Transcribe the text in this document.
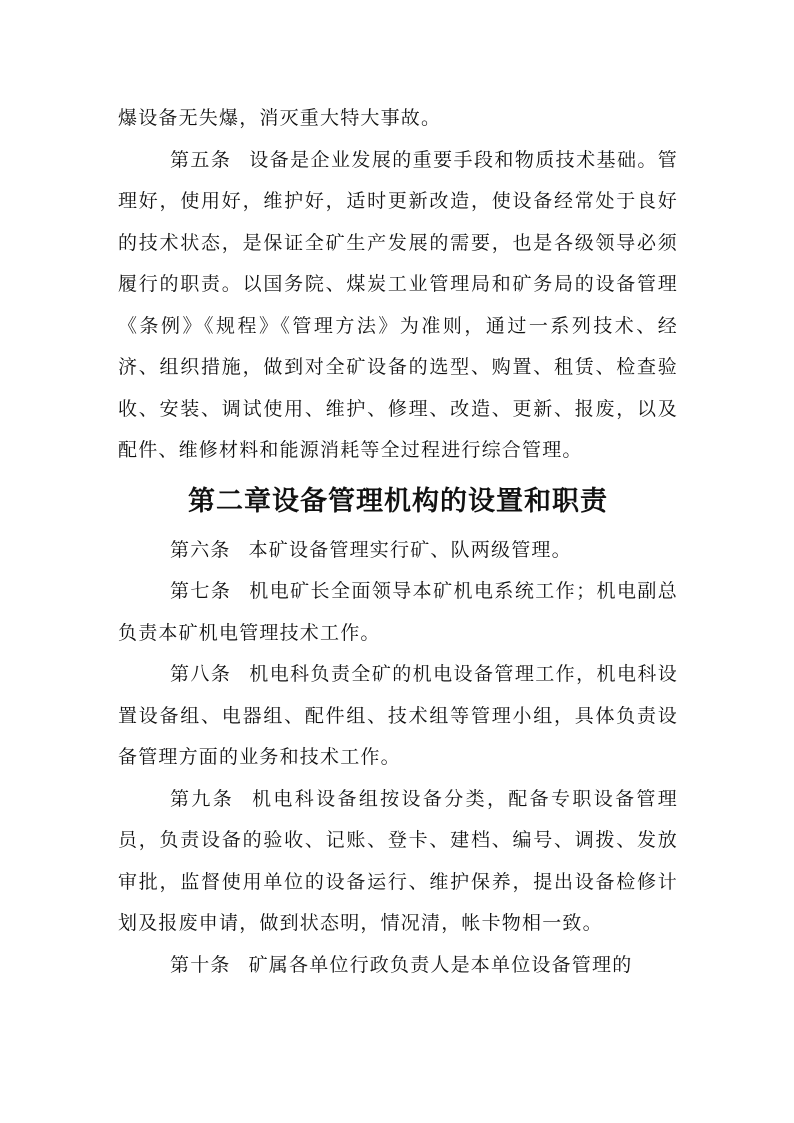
爆设备无失爆，消灭重大特大事故。

第五条 设备是企业发展的重要手段和物质技术基础。管理好，使用好，维护好，适时更新改造，使设备经常处于良好的技术状态，是保证全矿生产发展的需要，也是各级领导必须履行的职责。以国务院、煤炭工业管理局和矿务局的设备管理《条例》《规程》《管理方法》为准则，通过一系列技术、经济、组织措施，做到对全矿设备的选型、购置、租赁、检查验收、安装、调试使用、维护、修理、改造、更新、报废，以及配件、维修材料和能源消耗等全过程进行综合管理。

第二章设备管理机构的设置和职责

第六条 本矿设备管理实行矿、队两级管理。

第七条 机电矿长全面领导本矿机电系统工作；机电副总负责本矿机电管理技术工作。

第八条 机电科负责全矿的机电设备管理工作，机电科设置设备组、电器组、配件组、技术组等管理小组，具体负责设备管理方面的业务和技术工作。

第九条 机电科设备组按设备分类，配备专职设备管理员，负责设备的验收、记账、登卡、建档、编号、调拨、发放审批，监督使用单位的设备运行、维护保养，提出设备检修计划及报废申请，做到状态明，情况清，帐卡物相一致。

第十条 矿属各单位行政负责人是本单位设备管理的
